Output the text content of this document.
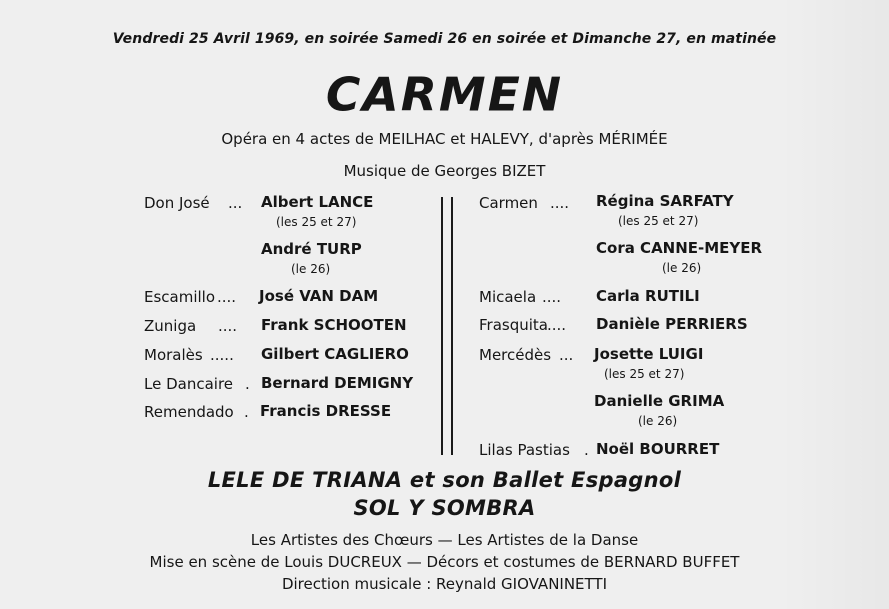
Vendredi 25 Avril 1969, en soirée Samedi 26 en soirée et Dimanche 27, en matinée
CARMEN
Opéra en 4 actes de MEILHAC et HALEVY, d'après MÉRIMÉE
Musique de Georges BIZET
Don José ... Albert LANCE
(les 25 et 27)
André TURP
(le 26)
Escamillo .... José VAN DAM
Zuniga .... Frank SCHOOTEN
Moralès ..... Gilbert CAGLIERO
Le Dancaire . Bernard DEMIGNY
Remendado . Francis DRESSE
Carmen .... Régina SARFATY
(les 25 et 27)
Cora CANNE-MEYER
(le 26)
Micaela .... Carla RUTILI
Frasquita .... Danièle PERRIERS
Mercédès ... Josette LUIGI
(les 25 et 27)
Danielle GRIMA
(le 26)
Lilas Pastias . Noël BOURRET
LELE DE TRIANA et son Ballet Espagnol
SOL Y SOMBRA
Les Artistes des Chœurs — Les Artistes de la Danse
Mise en scène de Louis DUCREUX — Décors et costumes de BERNARD BUFFET
Direction musicale : Reynald GIOVANINETTI
